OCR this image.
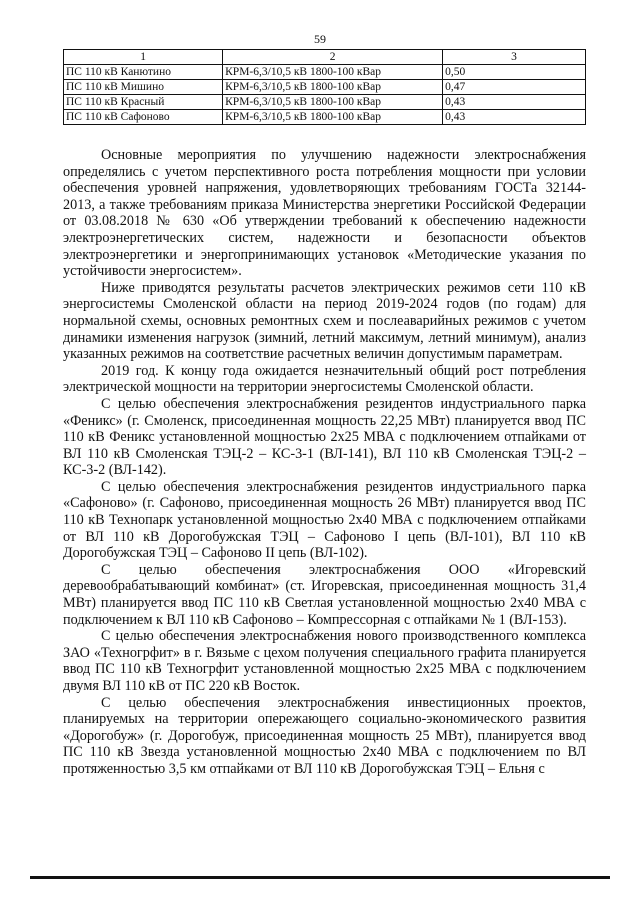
59
1	2	3
ПС 110 кВ Канютино	КРМ-6,3/10,5 кВ 1800-100 кВар	0,50
ПС 110 кВ Мишино	КРМ-6,3/10,5 кВ 1800-100 кВар	0,47
ПС 110 кВ Красный	КРМ-6,3/10,5 кВ 1800-100 кВар	0,43
ПС 110 кВ Сафоново	КРМ-6,3/10,5 кВ 1800-100 кВар	0,43

Основные мероприятия по улучшению надежности электроснабжения определялись с учетом перспективного роста потребления мощности при условии обеспечения уровней напряжения, удовлетворяющих требованиям ГОСТа 32144-2013, а также требованиям приказа Министерства энергетики Российской Федерации от 03.08.2018 № 630 «Об утверждении требований к обеспечению надежности электроэнергетических систем, надежности и безопасности объектов электроэнергетики и энергопринимающих установок «Методические указания по устойчивости энергосистем».

Ниже приводятся результаты расчетов электрических режимов сети 110 кВ энергосистемы Смоленской области на период 2019-2024 годов (по годам) для нормальной схемы, основных ремонтных схем и послеаварийных режимов с учетом динамики изменения нагрузок (зимний, летний максимум, летний минимум), анализ указанных режимов на соответствие расчетных величин допустимым параметрам.

2019 год. К концу года ожидается незначительный общий рост потребления электрической мощности на территории энергосистемы Смоленской области.

С целью обеспечения электроснабжения резидентов индустриального парка «Феникс» (г. Смоленск, присоединенная мощность 22,25 МВт) планируется ввод ПС 110 кВ Феникс установленной мощностью 2х25 МВА с подключением отпайками от ВЛ 110 кВ Смоленская ТЭЦ-2 – КС-3-1 (ВЛ-141), ВЛ 110 кВ Смоленская ТЭЦ-2 – КС-3-2 (ВЛ-142).

С целью обеспечения электроснабжения резидентов индустриального парка «Сафоново» (г. Сафоново, присоединенная мощность 26 МВт) планируется ввод ПС 110 кВ Технопарк установленной мощностью 2х40 МВА с подключением отпайками от ВЛ 110 кВ Дорогобужская ТЭЦ – Сафоново I цепь (ВЛ-101), ВЛ 110 кВ Дорогобужская ТЭЦ – Сафоново II цепь (ВЛ-102).

С целью обеспечения электроснабжения ООО «Игоревский деревообрабатывающий комбинат» (ст. Игоревская, присоединенная мощность 31,4 МВт) планируется ввод ПС 110 кВ Светлая установленной мощностью 2х40 МВА с подключением к ВЛ 110 кВ Сафоново – Компрессорная с отпайками № 1 (ВЛ-153).

С целью обеспечения электроснабжения нового производственного комплекса ЗАО «Техногрфит» в г. Вязьме с цехом получения специального графита планируется ввод ПС 110 кВ Техногрфит установленной мощностью 2х25 МВА с подключением двумя ВЛ 110 кВ от ПС 220 кВ Восток.

С целью обеспечения электроснабжения инвестиционных проектов, планируемых на территории опережающего социально-экономического развития «Дорогобуж» (г. Дорогобуж, присоединенная мощность 25 МВт), планируется ввод ПС 110 кВ Звезда установленной мощностью 2х40 МВА с подключением по ВЛ протяженностью 3,5 км отпайками от ВЛ 110 кВ Дорогобужская ТЭЦ – Ельня с
